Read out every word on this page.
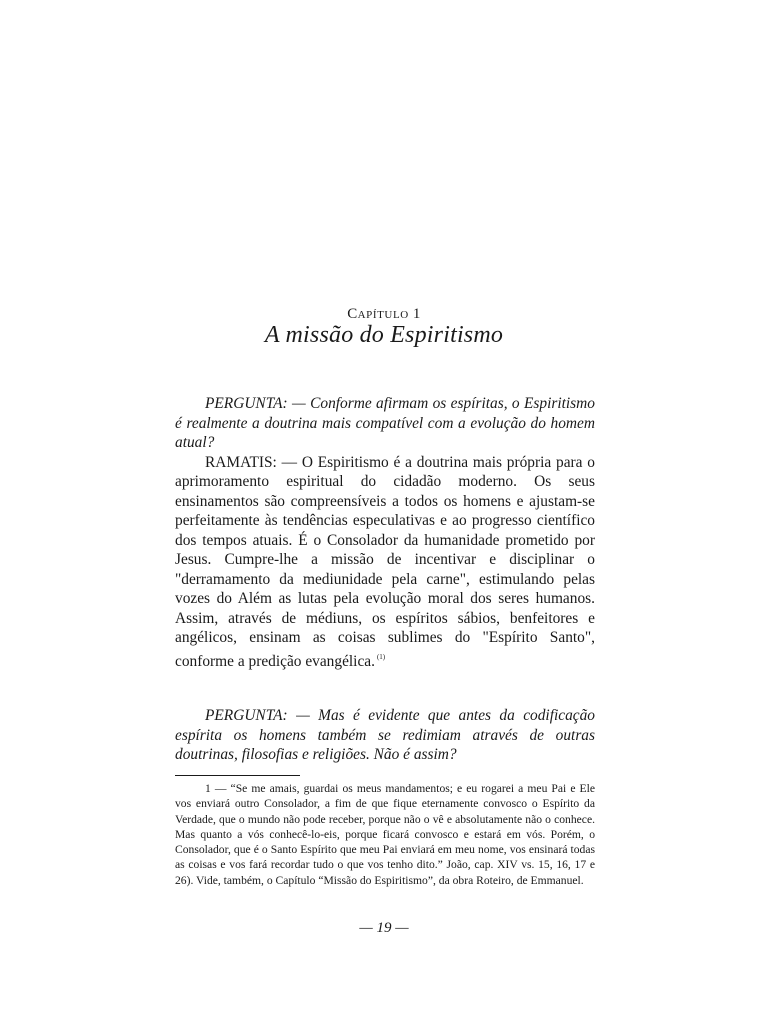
CAPÍTULO 1
A missão do Espiritismo

PERGUNTA: — Conforme afirmam os espíritas, o Espiritismo é realmente a doutrina mais compatível com a evolução do homem atual?

RAMATIS: — O Espiritismo é a doutrina mais própria para o aprimoramento espiritual do cidadão moderno. Os seus ensinamentos são compreensíveis a todos os homens e ajustam-se perfeitamente às tendências especulativas e ao progresso científico dos tempos atuais. É o Consolador da humanidade prometido por Jesus. Cumpre-lhe a missão de incentivar e disciplinar o "derramamento da mediunidade pela carne", estimulando pelas vozes do Além as lutas pela evolução moral dos seres humanos. Assim, através de médiuns, os espíritos sábios, benfeitores e angélicos, ensinam as coisas sublimes do "Espírito Santo", conforme a predição evangélica. $^{(1)}$

PERGUNTA: — Mas é evidente que antes da codificação espírita os homens também se redimiam através de outras doutrinas, filosofias e religiões. Não é assim?

1 — “Se me amais, guardai os meus mandamentos; e eu rogarei a meu Pai e Ele vos enviará outro Consolador, a fim de que fique eternamente convosco o Espírito da Verdade, que o mundo não pode receber, porque não o vê e absolutamente não o conhece. Mas quanto a vós conhecê-lo-eis, porque ficará convosco e estará em vós. Porém, o Consolador, que é o Santo Espírito que meu Pai enviará em meu nome, vos ensinará todas as coisas e vos fará recordar tudo o que vos tenho dito.” João, cap. XIV vs. 15, 16, 17 e 26). Vide, também, o Capítulo “Missão do Espiritismo”, da obra Roteiro, de Emmanuel.

— 19 —
